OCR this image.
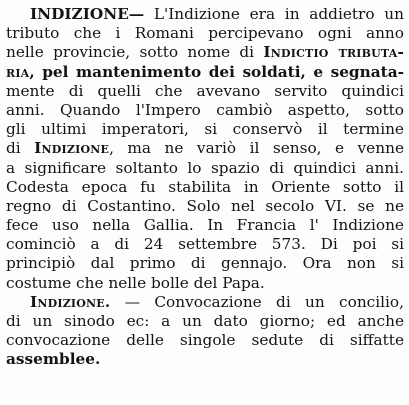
INDIZIONE— L'Indizione era in addietro un
tributo che i Romani percipevano ogni anno
nelle provincie, sotto nome di Indictio tributa-
ria, pel mantenimento dei soldati, e segnata-
mente di quelli che avevano servito quindici
anni. Quando l'Impero cambiò aspetto, sotto
gli ultimi imperatori, si conservò il termine
di Indizione, ma ne variò il senso, e venne
a significare soltanto lo spazio di quindici anni.
Codesta epoca fu stabilita in Oriente sotto il
regno di Costantino. Solo nel secolo VI. se ne
fece uso nella Gallia. In Francia l' Indizione
cominciò a di 24 settembre 573. Di poi si
principiò dal primo di gennajo. Ora non si
costume che nelle bolle del Papa.
Indizione. — Convocazione di un concilio,
di un sinodo ec: a un dato giorno; ed anche
convocazione delle singole sedute di siffatte
assemblee.
